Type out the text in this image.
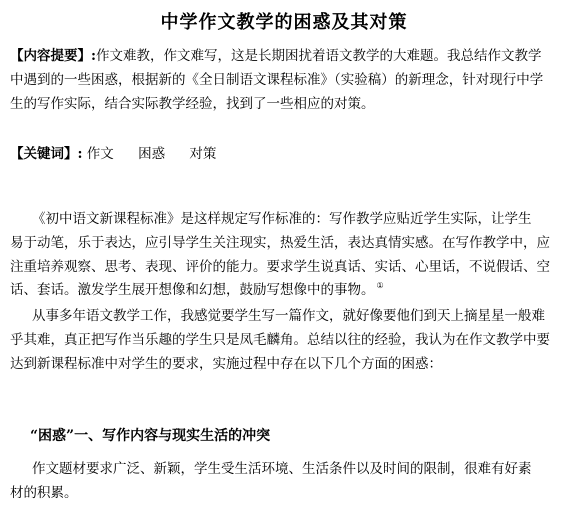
中学作文教学的困惑及其对策
【内容提要】:作文难教，作文难写，这是长期困扰着语文教学的大难题。我总结作文教学
中遇到的一些困惑，根据新的《全日制语文课程标准》（实验稿）的新理念，针对现行中学
生的写作实际，结合实际教学经验，找到了一些相应的对策。
【关键词】: 作文 困惑 对策
《初中语文新课程标准》是这样规定写作标准的：写作教学应贴近学生实际，让学生
易于动笔，乐于表达，应引导学生关注现实，热爱生活，表达真情实感。在写作教学中，应
注重培养观察、思考、表现、评价的能力。要求学生说真话、实话、心里话，不说假话、空
话、套话。激发学生展开想像和幻想，鼓励写想像中的事物。 ①
从事多年语文教学工作，我感觉要学生写一篇作文，就好像要他们到天上摘星星一般难
乎其难，真正把写作当乐趣的学生只是凤毛麟角。总结以往的经验，我认为在作文教学中要
达到新课程标准中对学生的要求，实施过程中存在以下几个方面的困惑：
“困惑”一、写作内容与现实生活的冲突
作文题材要求广泛、新颖，学生受生活环境、生活条件以及时间的限制，很难有好素
材的积累。
